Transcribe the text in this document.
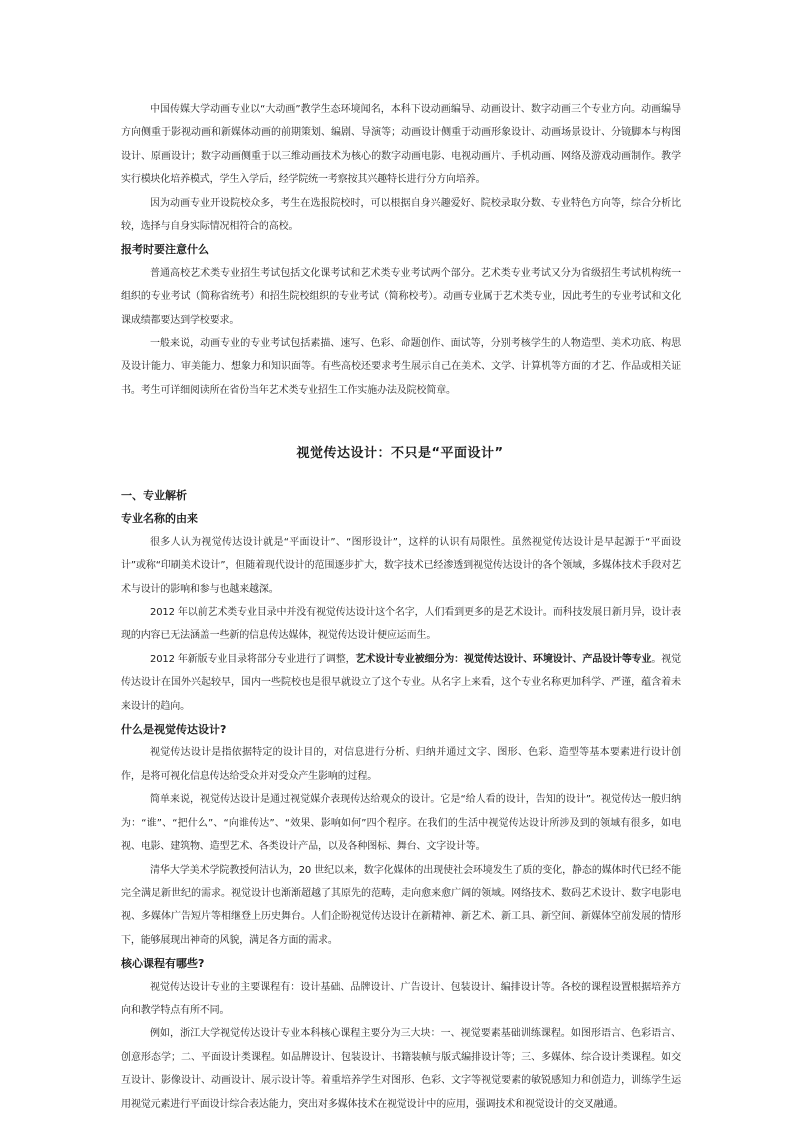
中国传媒大学动画专业以“大动画”教学生态环境闻名，本科下设动画编导、动画设计、数字动画三个专业方向。动画编导方向侧重于影视动画和新媒体动画的前期策划、编剧、导演等；动画设计侧重于动画形象设计、动画场景设计、分镜脚本与构图设计、原画设计；数字动画侧重于以三维动画技术为核心的数字动画电影、电视动画片、手机动画、网络及游戏动画制作。教学实行模块化培养模式，学生入学后，经学院统一考察按其兴趣特长进行分方向培养。

因为动画专业开设院校众多，考生在选报院校时，可以根据自身兴趣爱好、院校录取分数、专业特色方向等，综合分析比较，选择与自身实际情况相符合的高校。

报考时要注意什么

普通高校艺术类专业招生考试包括文化课考试和艺术类专业考试两个部分。艺术类专业考试又分为省级招生考试机构统一组织的专业考试（简称省统考）和招生院校组织的专业考试（简称校考）。动画专业属于艺术类专业，因此考生的专业考试和文化课成绩都要达到学校要求。

一般来说，动画专业的专业考试包括素描、速写、色彩、命题创作、面试等，分别考核学生的人物造型、美术功底、构思及设计能力、审美能力、想象力和知识面等。有些高校还要求考生展示自己在美术、文学、计算机等方面的才艺、作品或相关证书。考生可详细阅读所在省份当年艺术类专业招生工作实施办法及院校简章。

视觉传达设计：不只是“平面设计”
一、专业解析
专业名称的由来

很多人认为视觉传达设计就是“平面设计”、“图形设计”，这样的认识有局限性。虽然视觉传达设计是早起源于“平面设计”或称“印刷美术设计”，但随着现代设计的范围逐步扩大，数字技术已经渗透到视觉传达设计的各个领域，多媒体技术手段对艺术与设计的影响和参与也越来越深。

2012 年以前艺术类专业目录中并没有视觉传达设计这个名字，人们看到更多的是艺术设计。而科技发展日新月异，设计表现的内容已无法涵盖一些新的信息传达媒体，视觉传达设计便应运而生。

2012 年新版专业目录将部分专业进行了调整，艺术设计专业被细分为：视觉传达设计、环境设计、产品设计等专业。视觉传达设计在国外兴起较早，国内一些院校也是很早就设立了这个专业。从名字上来看，这个专业名称更加科学、严谨，蕴含着未来设计的趋向。

什么是视觉传达设计?

视觉传达设计是指依据特定的设计目的，对信息进行分析、归纳并通过文字、图形、色彩、造型等基本要素进行设计创作，是将可视化信息传达给受众并对受众产生影响的过程。

简单来说，视觉传达设计是通过视觉媒介表现传达给观众的设计。它是“给人看的设计，告知的设计”。视觉传达一般归纳为：“谁”、“把什么”、“向谁传达”、“效果、影响如何”四个程序。在我们的生活中视觉传达设计所涉及到的领域有很多，如电视、电影、建筑物、造型艺术、各类设计产品，以及各种图标、舞台、文字设计等。

清华大学美术学院教授何洁认为，20 世纪以来，数字化媒体的出现使社会环境发生了质的变化，静态的媒体时代已经不能完全满足新世纪的需求。视觉设计也渐渐超越了其原先的范畴，走向愈来愈广阔的领域。网络技术、数码艺术设计、数字电影电视、多媒体广告短片等相继登上历史舞台。人们企盼视觉传达设计在新精神、新艺术、新工具、新空间、新媒体空前发展的情形下，能够展现出神奇的风貌，满足各方面的需求。

核心课程有哪些?

视觉传达设计专业的主要课程有：设计基础、品牌设计、广告设计、包装设计、编排设计等。各校的课程设置根据培养方向和教学特点有所不同。

例如，浙江大学视觉传达设计专业本科核心课程主要分为三大块：一、视觉要素基础训练课程。如图形语言、色彩语言、创意形态学；二、平面设计类课程。如品牌设计、包装设计、书籍装帧与版式编排设计等；三、多媒体、综合设计类课程。如交互设计、影像设计、动画设计、展示设计等。着重培养学生对图形、色彩、文字等视觉要素的敏锐感知力和创造力，训练学生运用视觉元素进行平面设计综合表达能力，突出对多媒体技术在视觉设计中的应用，强调技术和视觉设计的交叉融通。
